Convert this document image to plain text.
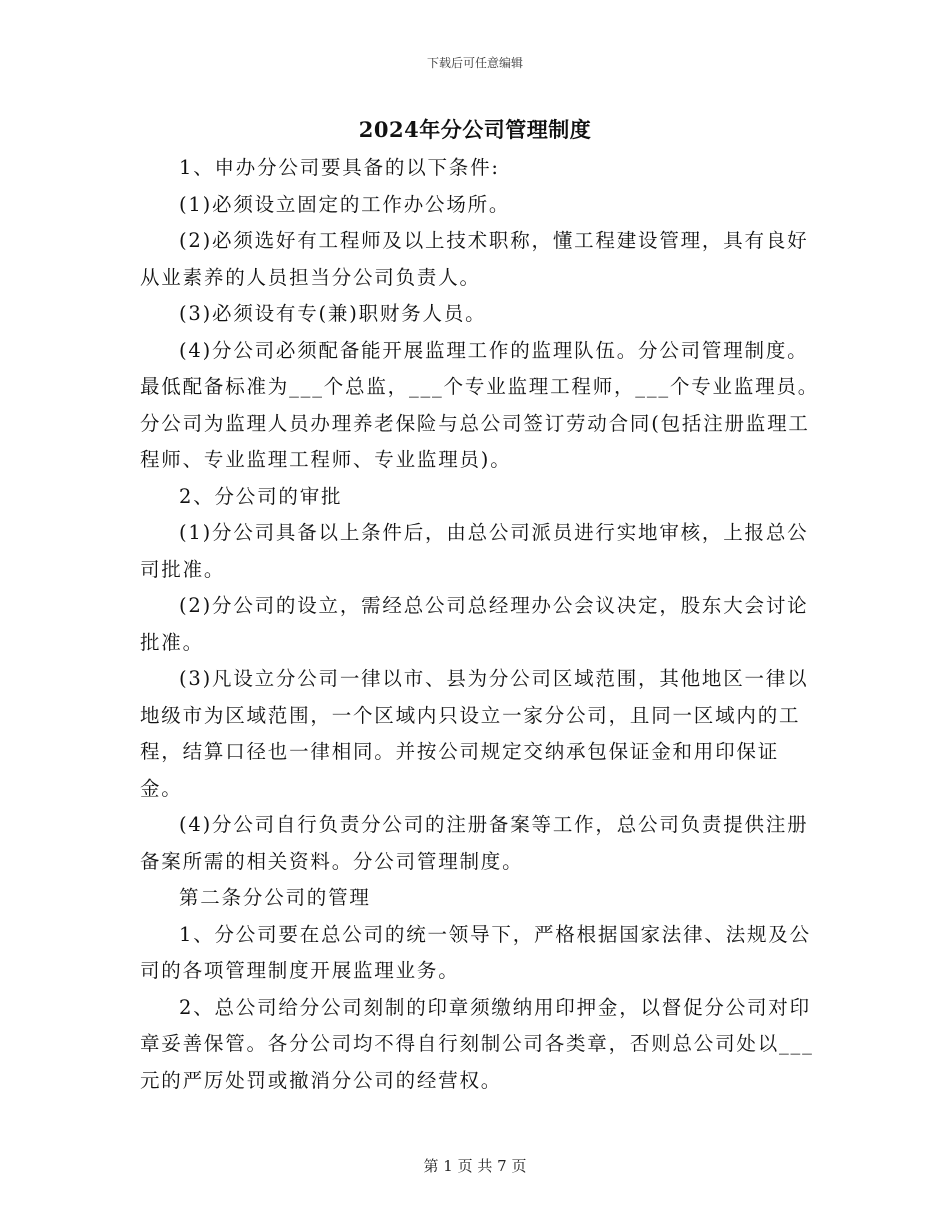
下载后可任意编辑
2024年分公司管理制度

1、申办分公司要具备的以下条件:

(1)必须设立固定的工作办公场所。

(2)必须选好有工程师及以上技术职称，懂工程建设管理，具有良好从业素养的人员担当分公司负责人。

(3)必须设有专(兼)职财务人员。

(4)分公司必须配备能开展监理工作的监理队伍。分公司管理制度。最低配备标准为___个总监，___个专业监理工程师，___个专业监理员。分公司为监理人员办理养老保险与总公司签订劳动合同(包括注册监理工程师、专业监理工程师、专业监理员)。

2、分公司的审批

(1)分公司具备以上条件后，由总公司派员进行实地审核，上报总公司批准。

(2)分公司的设立，需经总公司总经理办公会议决定，股东大会讨论批准。

(3)凡设立分公司一律以市、县为分公司区域范围，其他地区一律以地级市为区域范围，一个区域内只设立一家分公司，且同一区域内的工程，结算口径也一律相同。并按公司规定交纳承包保证金和用印保证金。

(4)分公司自行负责分公司的注册备案等工作，总公司负责提供注册备案所需的相关资料。分公司管理制度。

第二条分公司的管理

1、分公司要在总公司的统一领导下，严格根据国家法律、法规及公司的各项管理制度开展监理业务。

2、总公司给分公司刻制的印章须缴纳用印押金，以督促分公司对印章妥善保管。各分公司均不得自行刻制公司各类章，否则总公司处以___元的严厉处罚或撤消分公司的经营权。

第 1 页 共 7 页
